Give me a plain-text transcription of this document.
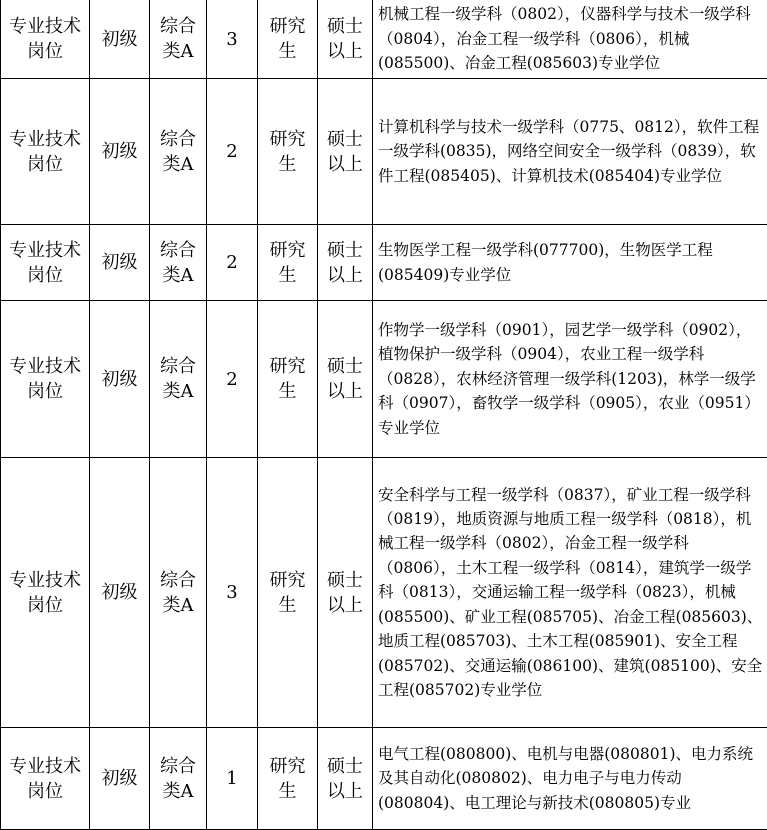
专业技术岗位	初级	综合类A	3	研究生	硕士以上	机械工程一级学科（0802），仪器科学与技术一级学科（0804），冶金工程一级学科（0806），机械(085500)、冶金工程(085603)专业学位
专业技术岗位	初级	综合类A	2	研究生	硕士以上	计算机科学与技术一级学科（0775、0812），软件工程一级学科(0835)，网络空间安全一级学科（0839），软件工程(085405)、计算机技术(085404)专业学位
专业技术岗位	初级	综合类A	2	研究生	硕士以上	生物医学工程一级学科(077700)，生物医学工程(085409)专业学位
专业技术岗位	初级	综合类A	2	研究生	硕士以上	作物学一级学科（0901），园艺学一级学科（0902），植物保护一级学科（0904），农业工程一级学科（0828），农林经济管理一级学科(1203)，林学一级学科（0907），畜牧学一级学科（0905），农业（0951）专业学位
专业技术岗位	初级	综合类A	3	研究生	硕士以上	安全科学与工程一级学科（0837），矿业工程一级学科（0819），地质资源与地质工程一级学科（0818），机械工程一级学科（0802），冶金工程一级学科（0806），土木工程一级学科（0814），建筑学一级学科（0813），交通运输工程一级学科（0823），机械(085500)、矿业工程(085705)、冶金工程(085603)、地质工程(085703)、土木工程(085901)、安全工程(085702)、交通运输(086100)、建筑(085100)、安全工程(085702)专业学位
专业技术岗位	初级	综合类A	1	研究生	硕士以上	电气工程(080800)、电机与电器(080801)、电力系统及其自动化(080802)、电力电子与电力传动(080804)、电工理论与新技术(080805)专业
